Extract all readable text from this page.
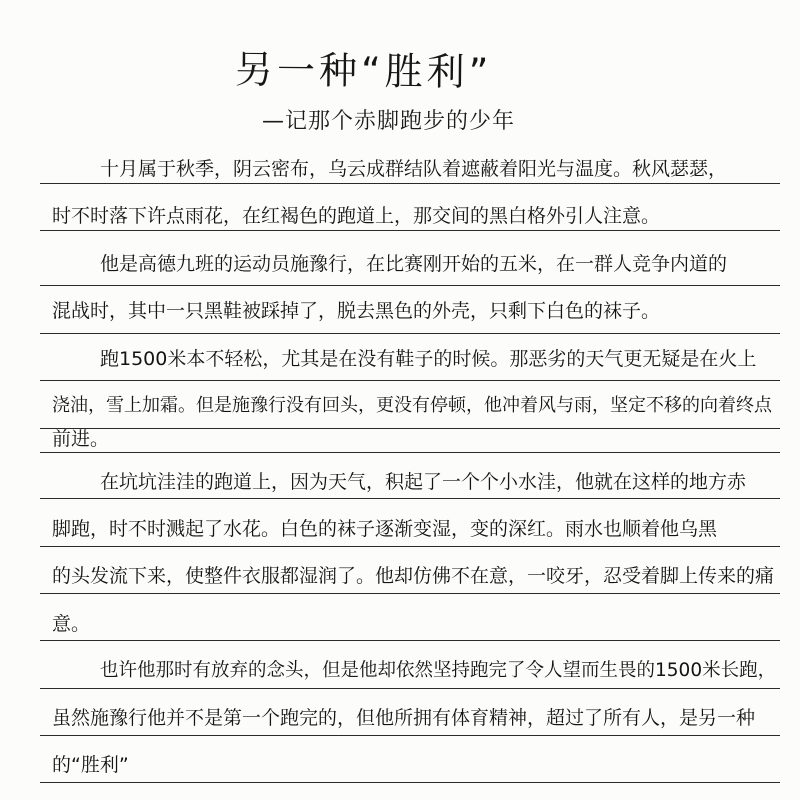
另一种“胜利”
—记那个赤脚跑步的少年
十月属于秋季，阴云密布，乌云成群结队着遮蔽着阳光与温度。秋风瑟瑟，
时不时落下许点雨花，在红褐色的跑道上，那交间的黑白格外引人注意。
他是高德九班的运动员施豫行，在比赛刚开始的五米，在一群人竞争内道的
混战时，其中一只黑鞋被踩掉了，脱去黑色的外壳，只剩下白色的袜子。
跑1500米本不轻松，尤其是在没有鞋子的时候。那恶劣的天气更无疑是在火上
浇油，雪上加霜。但是施豫行没有回头，更没有停顿，他冲着风与雨，坚定不移的向着终点
前进。
在坑坑洼洼的跑道上，因为天气，积起了一个个小水洼，他就在这样的地方赤
脚跑，时不时溅起了水花。白色的袜子逐渐变湿，变的深红。雨水也顺着他乌黑
的头发流下来，使整件衣服都湿润了。他却仿佛不在意，一咬牙，忍受着脚上传来的痛
意。
也许他那时有放弃的念头，但是他却依然坚持跑完了令人望而生畏的1500米长跑，
虽然施豫行他并不是第一个跑完的，但他所拥有体育精神，超过了所有人，是另一种
的“胜利”
